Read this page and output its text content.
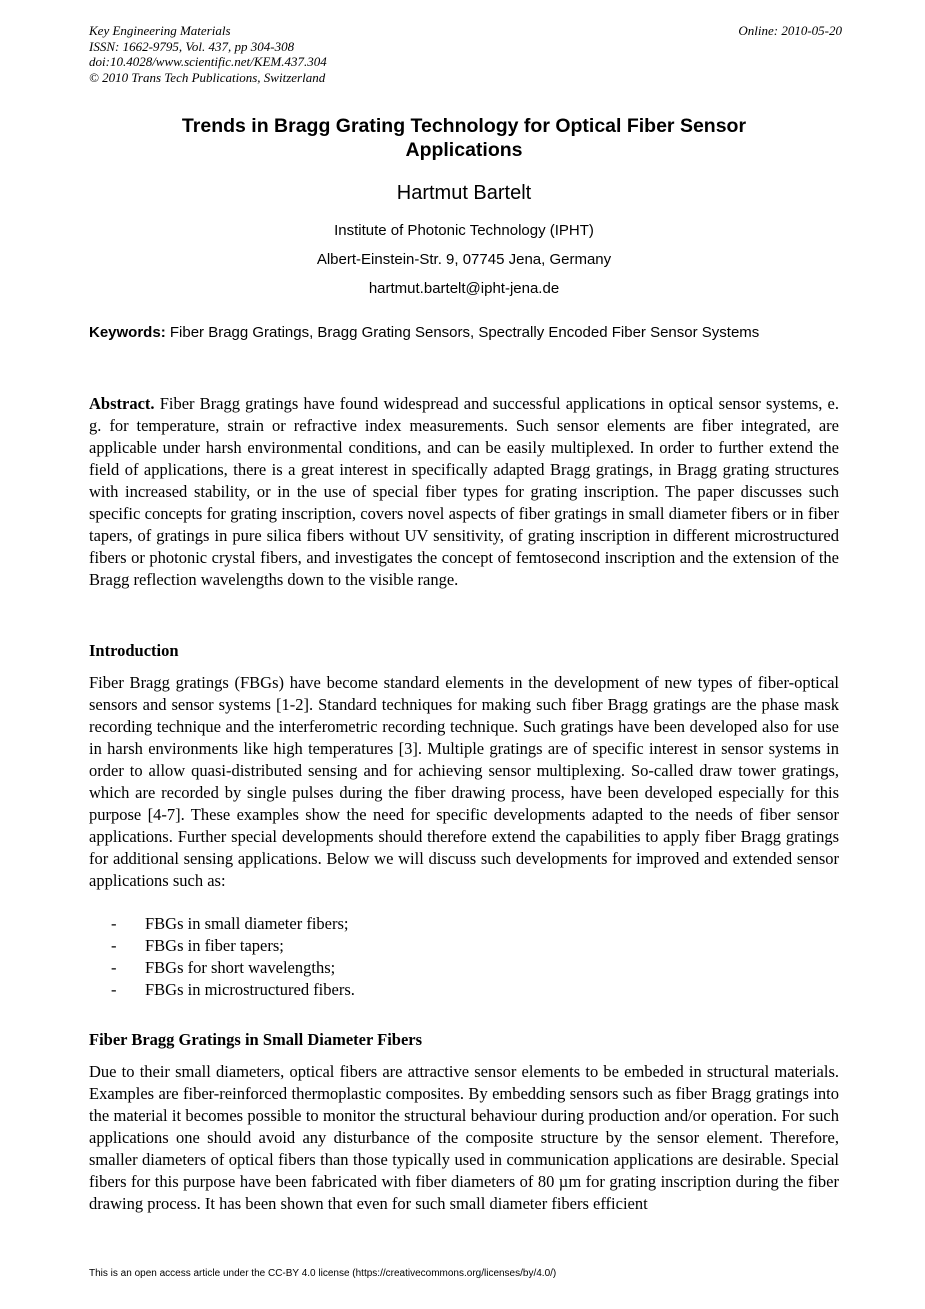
Key Engineering Materials
ISSN: 1662-9795, Vol. 437, pp 304-308
doi:10.4028/www.scientific.net/KEM.437.304
© 2010 Trans Tech Publications, Switzerland
Online: 2010-05-20
Trends in Bragg Grating Technology for Optical Fiber Sensor
Applications
Hartmut Bartelt
Institute of Photonic Technology (IPHT)
Albert-Einstein-Str. 9, 07745 Jena, Germany
hartmut.bartelt@ipht-jena.de
Keywords: Fiber Bragg Gratings, Bragg Grating Sensors, Spectrally Encoded Fiber Sensor Systems
Abstract. Fiber Bragg gratings have found widespread and successful applications in optical sensor systems, e. g. for temperature, strain or refractive index measurements. Such sensor elements are fiber integrated, are applicable under harsh environmental conditions, and can be easily multiplexed. In order to further extend the field of applications, there is a great interest in specifically adapted Bragg gratings, in Bragg grating structures with increased stability, or in the use of special fiber types for grating inscription. The paper discusses such specific concepts for grating inscription, covers novel aspects of fiber gratings in small diameter fibers or in fiber tapers, of gratings in pure silica fibers without UV sensitivity, of grating inscription in different microstructured fibers or photonic crystal fibers, and investigates the concept of femtosecond inscription and the extension of the Bragg reflection wavelengths down to the visible range.
Introduction
Fiber Bragg gratings (FBGs) have become standard elements in the development of new types of fiber-optical sensors and sensor systems [1-2]. Standard techniques for making such fiber Bragg gratings are the phase mask recording technique and the interferometric recording technique. Such gratings have been developed also for use in harsh environments like high temperatures [3]. Multiple gratings are of specific interest in sensor systems in order to allow quasi-distributed sensing and for achieving sensor multiplexing. So-called draw tower gratings, which are recorded by single pulses during the fiber drawing process, have been developed especially for this purpose [4-7]. These examples show the need for specific developments adapted to the needs of fiber sensor applications. Further special developments should therefore extend the capabilities to apply fiber Bragg gratings for additional sensing applications. Below we will discuss such developments for improved and extended sensor applications such as:
- FBGs in small diameter fibers;
- FBGs in fiber tapers;
- FBGs for short wavelengths;
- FBGs in microstructured fibers.
Fiber Bragg Gratings in Small Diameter Fibers
Due to their small diameters, optical fibers are attractive sensor elements to be embeded in structural materials. Examples are fiber-reinforced thermoplastic composites. By embedding sensors such as fiber Bragg gratings into the material it becomes possible to monitor the structural behaviour during production and/or operation. For such applications one should avoid any disturbance of the composite structure by the sensor element. Therefore, smaller diameters of optical fibers than those typically used in communication applications are desirable. Special fibers for this purpose have been fabricated with fiber diameters of 80 µm for grating inscription during the fiber drawing process. It has been shown that even for such small diameter fibers efficient
This is an open access article under the CC-BY 4.0 license (https://creativecommons.org/licenses/by/4.0/)
